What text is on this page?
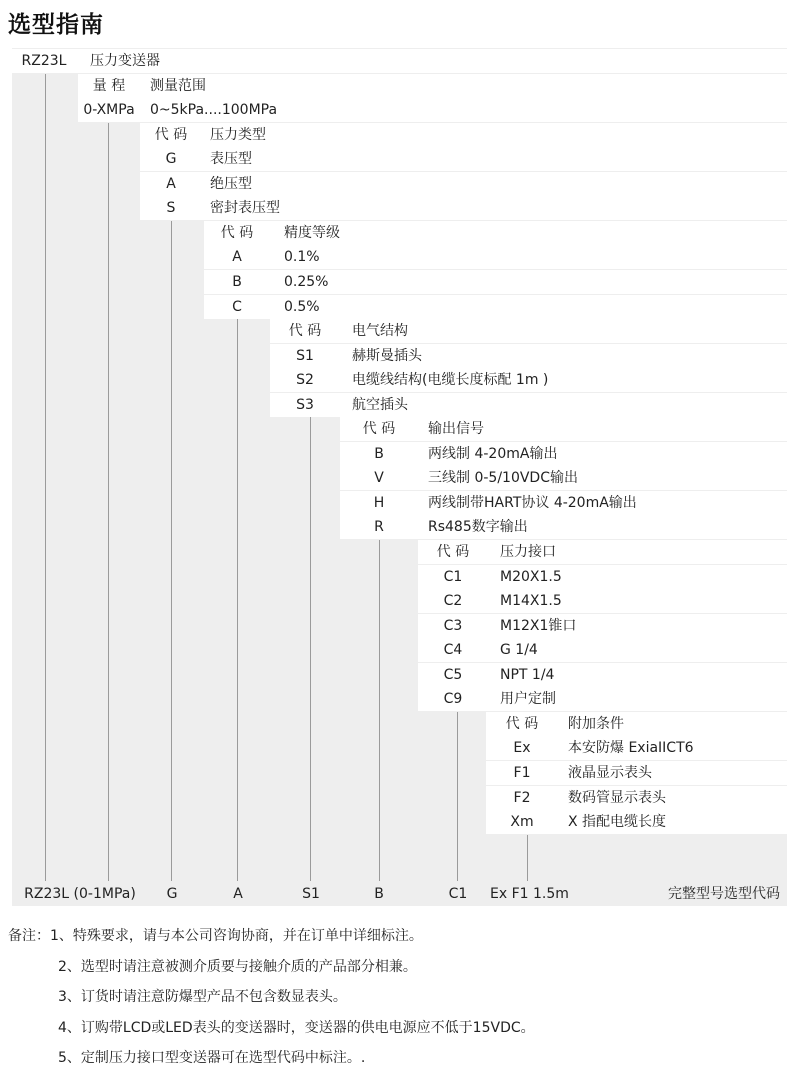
选型指南
RZ23L	压力变送器
量 程	测量范围
0-XMPa	0~5kPa....100MPa
代 码	压力类型
G	表压型
A	绝压型
S	密封表压型
代 码	精度等级
A	0.1%
B	0.25%
C	0.5%
代 码	电气结构
S1	赫斯曼插头
S2	电缆线结构(电缆长度标配 1m )
S3	航空插头
代 码	输出信号
B	两线制 4-20mA输出
V	三线制 0-5/10VDC输出
H	两线制带HART协议 4-20mA输出
R	Rs485数字输出
代 码	压力接口
C1	M20X1.5
C2	M14X1.5
C3	M12X1锥口
C4	G 1/4
C5	NPT 1/4
C9	用户定制
代 码	附加条件
Ex	本安防爆 ExiaIICT6
F1	液晶显示表头
F2	数码管显示表头
Xm	X 指配电缆长度
RZ23L (0-1MPa)	G	A	S1	B	C1	Ex F1 1.5m	完整型号选型代码
备注： 1、特殊要求，请与本公司咨询协商，并在订单中详细标注。
2、选型时请注意被测介质要与接触介质的产品部分相兼。
3、订货时请注意防爆型产品不包含数显表头。
4、订购带LCD或LED表头的变送器时，变送器的供电电源应不低于15VDC。
5、定制压力接口型变送器可在选型代码中标注。.
